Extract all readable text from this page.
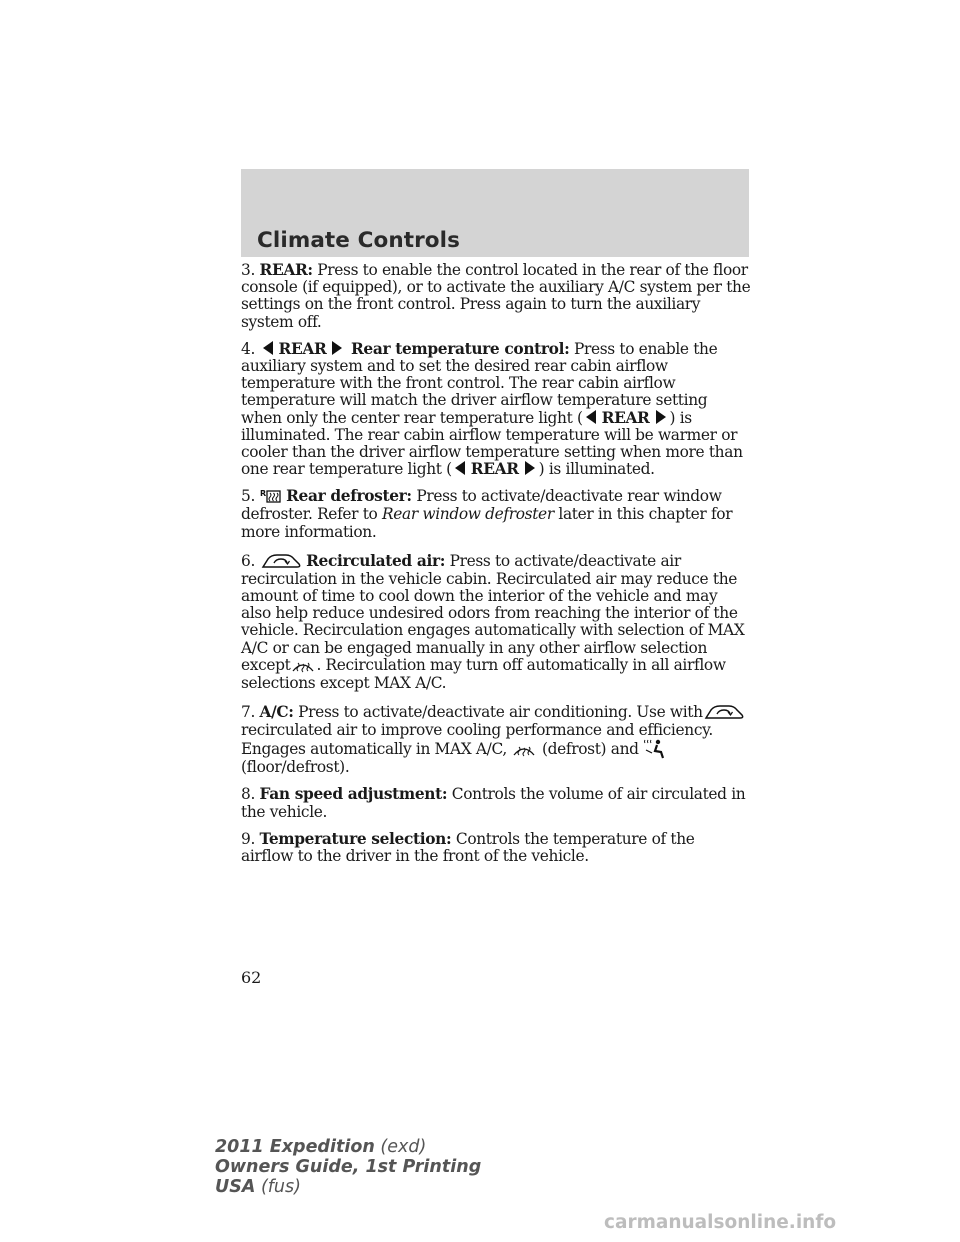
Climate Controls

3. REAR: Press to enable the control located in the rear of the floor console (if equipped), or to activate the auxiliary A/C system per the settings on the front control. Press again to turn the auxiliary system off.

4. REAR Rear temperature control: Press to enable the auxiliary system and to set the desired rear cabin airflow temperature with the front control. The rear cabin airflow temperature will match the driver airflow temperature setting when only the center rear temperature light ( REAR ) is illuminated. The rear cabin airflow temperature will be warmer or cooler than the driver airflow temperature setting when more than one rear temperature light ( REAR ) is illuminated.

5. R Rear defroster: Press to activate/deactivate rear window defroster. Refer to Rear window defroster later in this chapter for more information.

6.	Recirculated air: Press to activate/deactivate air recirculation in the vehicle cabin. Recirculated air may reduce the amount of time to cool down the interior of the vehicle and may also help reduce undesired odors from reaching the interior of the vehicle. Recirculation engages automatically with selection of MAX A/C or can be engaged manually in any other airflow selection except . Recirculation may turn off automatically in all airflow selections except MAX A/C.

7. A/C: Press to activate/deactivate air conditioning. Use with recirculated air to improve cooling performance and efficiency. Engages automatically in MAX A/C, (defrost) and  (floor/defrost).

8. Fan speed adjustment: Controls the volume of air circulated in the vehicle.

9. Temperature selection: Controls the temperature of the airflow to the driver in the front of the vehicle.

62
2011 Expedition (exd)
Owners Guide, 1st Printing
USA (fus)
carmanualsonline.info
